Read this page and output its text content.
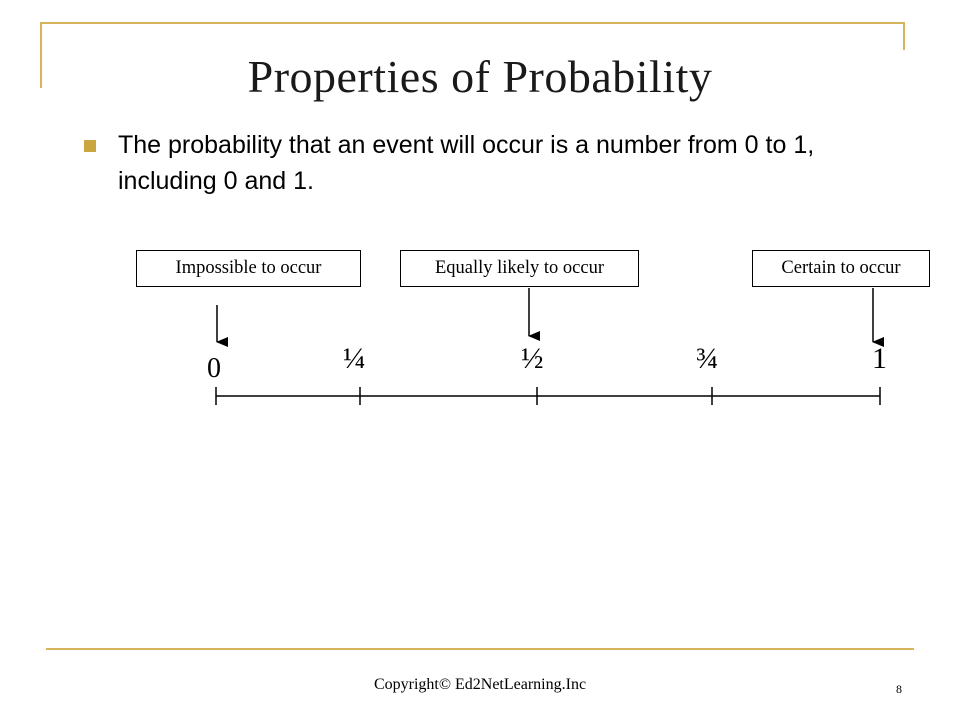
Properties of Probability
The probability that an event will occur is a number from 0 to 1, including 0 and 1.
Impossible to occur	Equally likely to occur	Certain to occur
0	¼	½	¾	1
Copyright© Ed2NetLearning.Inc	8
